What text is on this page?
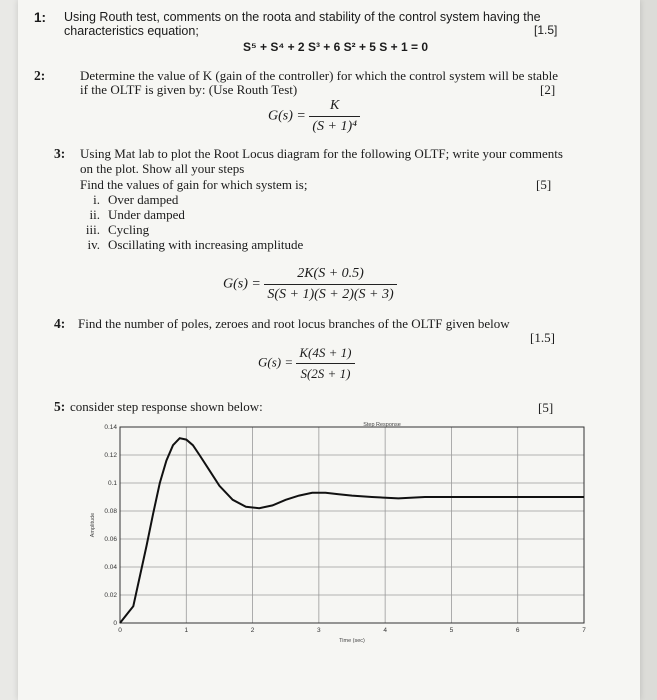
1: Using Routh test, comments on the roota and stability of the control system having the
characteristics equation;	[1.5]
S⁵ + S⁴ + 2 S³ + 6 S² + 5 S + 1 = 0
2:	Determine the value of K (gain of the controller) for which the control system will be stable
if the OLTF is given by: (Use Routh Test)	[2]
$G(s) = \frac{K}{\text{(S + 1)⁴}}$
3: Using Mat lab to plot the Root Locus diagram for the following OLTF; write your comments
on the plot. Show all your steps
Find the values of gain for which system is;	[5]
i. Over damped
ii. Under damped
iii. Cycling
iv. Oscillating with increasing amplitude
$G(s) = \frac{2K(S + 0.5)}{S(S + 1)(S + 2)(S + 3)}$
4: Find the number of poles, zeroes and root locus branches of the OLTF given below
[1.5]
$G(s) = \frac{K(4S + 1)}{S(2S + 1)}$
5: consider step response shown below:	[5]
0	1	2	3	4	5	6	7
0
0.02
0.04
0.06
0.08
0.1
0.12
0.14	Step Response
Time (sec)
Amplitude
